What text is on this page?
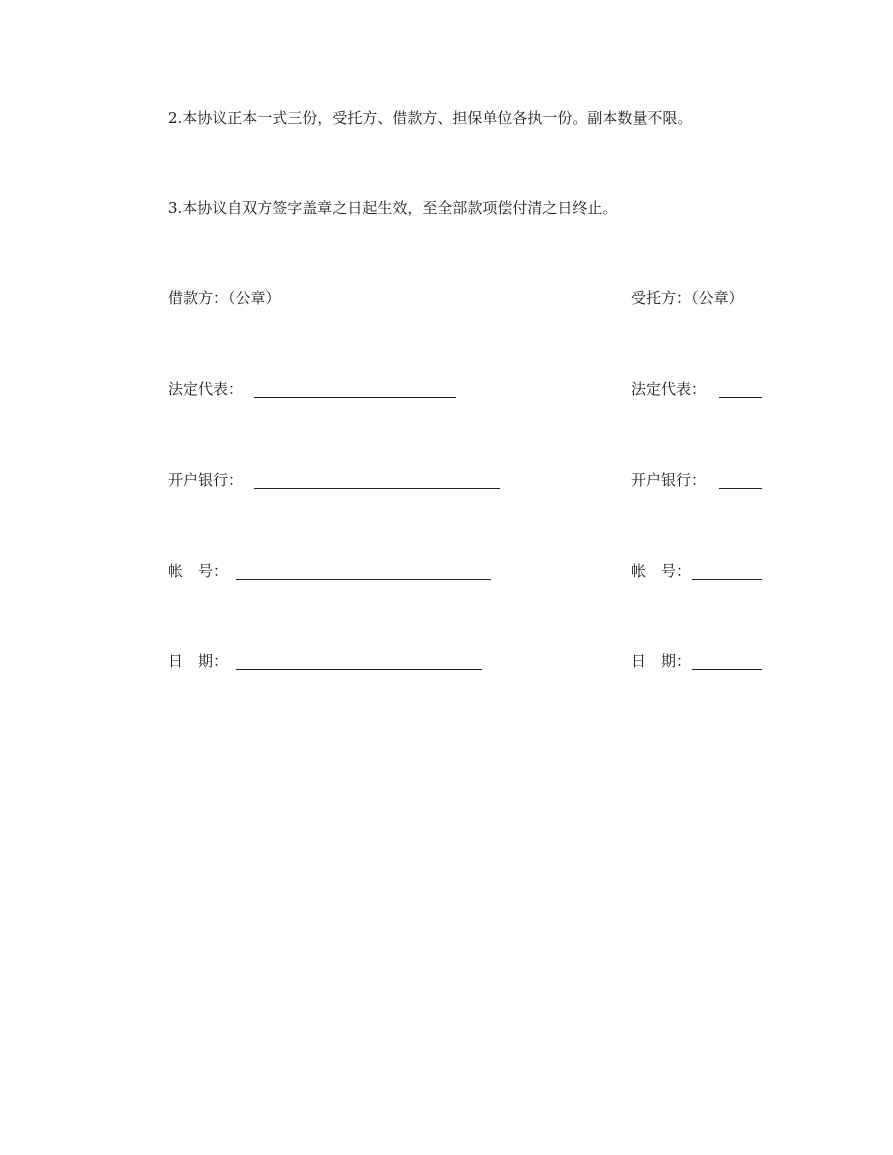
2.本协议正本一式三份，受托方、借款方、担保单位各执一份。副本数量不限。
3.本协议自双方签字盖章之日起生效，至全部款项偿付清之日终止。
借款方：（公章）	受托方：（公章）
法定代表：	法定代表：
开户银行：	开户银行：
帐　号：	帐　号：
日　期：	日　期：
